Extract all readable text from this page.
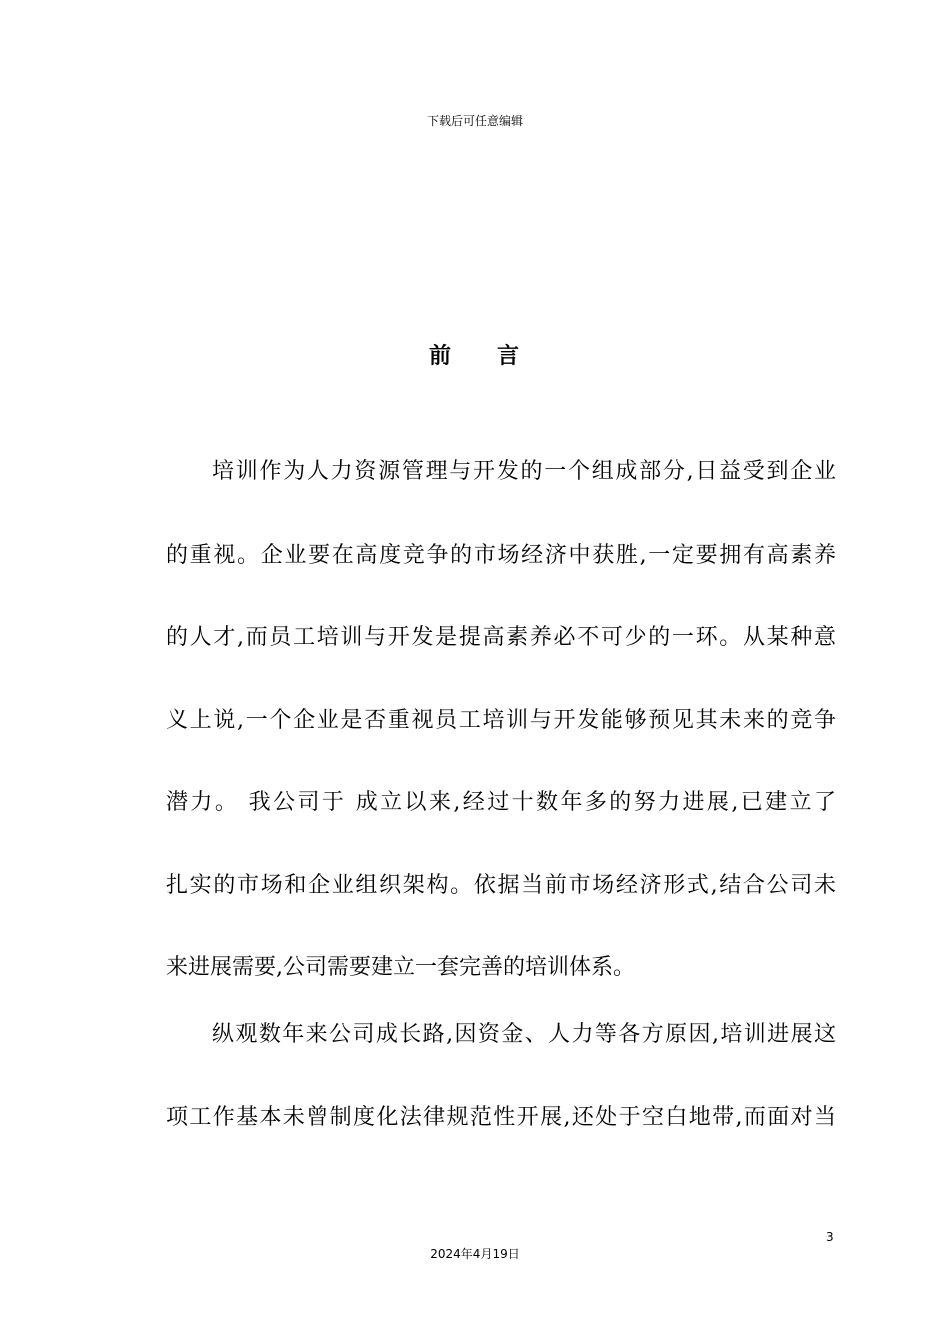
下载后可任意编辑
前 言
培训作为人力资源管理与开发的一个组成部分,日益受到企业
的重视。企业要在高度竞争的市场经济中获胜,一定要拥有高素养
的人才,而员工培训与开发是提高素养必不可少的一环。从某种意
义上说,一个企业是否重视员工培训与开发能够预见其未来的竞争
潜力。 我公司于 成立以来,经过十数年多的努力进展,已建立了
扎实的市场和企业组织架构。依据当前市场经济形式,结合公司未
来进展需要,公司需要建立一套完善的培训体系。
纵观数年来公司成长路,因资金、人力等各方原因,培训进展这
项工作基本未曾制度化法律规范性开展,还处于空白地带,而面对当
3
2024年4月19日
